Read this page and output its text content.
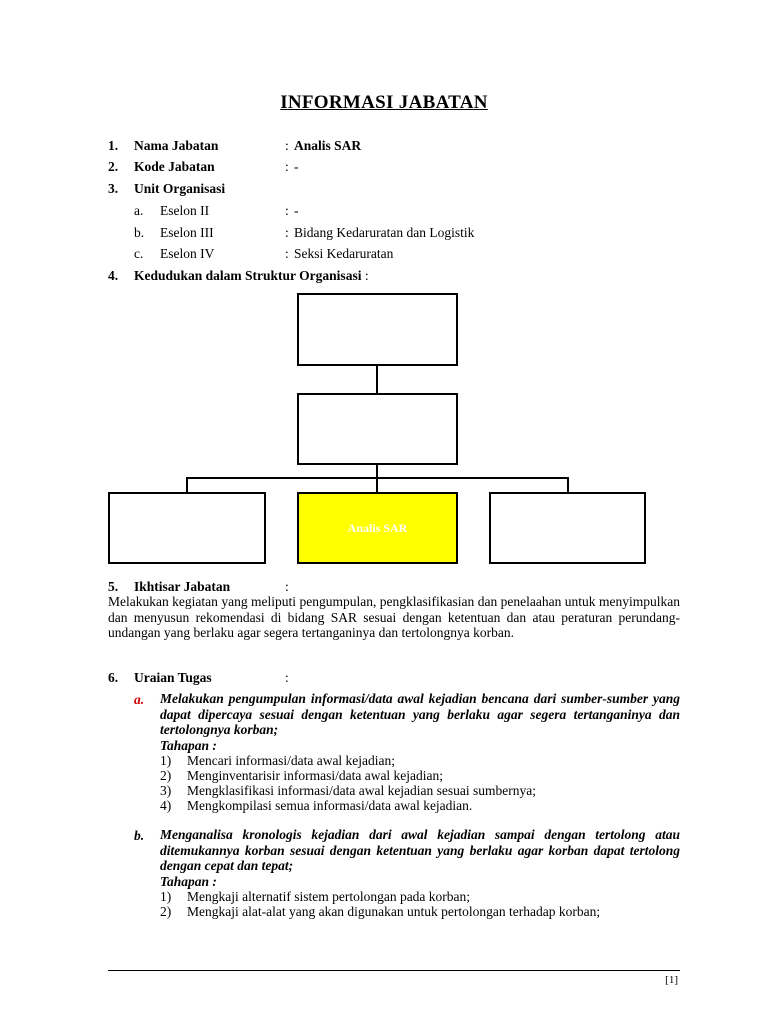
INFORMASI JABATAN
1. Nama Jabatan	: Analis SAR
2. Kode Jabatan	: -
3. Unit Organisasi
a. Eselon II	: -
b. Eselon III	: Bidang Kedaruratan dan Logistik
c. Eselon IV	: Seksi Kedaruratan
4. Kedudukan dalam Struktur Organisasi :
Analis SAR
5. Ikhtisar Jabatan	:
Melakukan kegiatan yang meliputi pengumpulan, pengklasifikasian dan penelaahan untuk menyimpulkan dan menyusun rekomendasi di bidang SAR sesuai dengan ketentuan dan atau peraturan perundang-undangan yang berlaku agar segera tertanganinya dan tertolongnya korban.
6. Uraian Tugas	:
a. Melakukan pengumpulan informasi/data awal kejadian bencana dari sumber-sumber yang dapat dipercaya sesuai dengan ketentuan yang berlaku agar segera tertanganinya dan tertolongnya korban;
Tahapan :
1) Mencari informasi/data awal kejadian;
2) Menginventarisir informasi/data awal kejadian;
3) Mengklasifikasi informasi/data awal kejadian sesuai sumbernya;
4) Mengkompilasi semua informasi/data awal kejadian.
b. Menganalisa kronologis kejadian dari awal kejadian sampai dengan tertolong atau ditemukannya korban sesuai dengan ketentuan yang berlaku agar korban dapat tertolong dengan cepat dan tepat;
Tahapan :
1) Mengkaji alternatif sistem pertolongan pada korban;
2) Mengkaji alat-alat yang akan digunakan untuk pertolongan terhadap korban;
[1]
